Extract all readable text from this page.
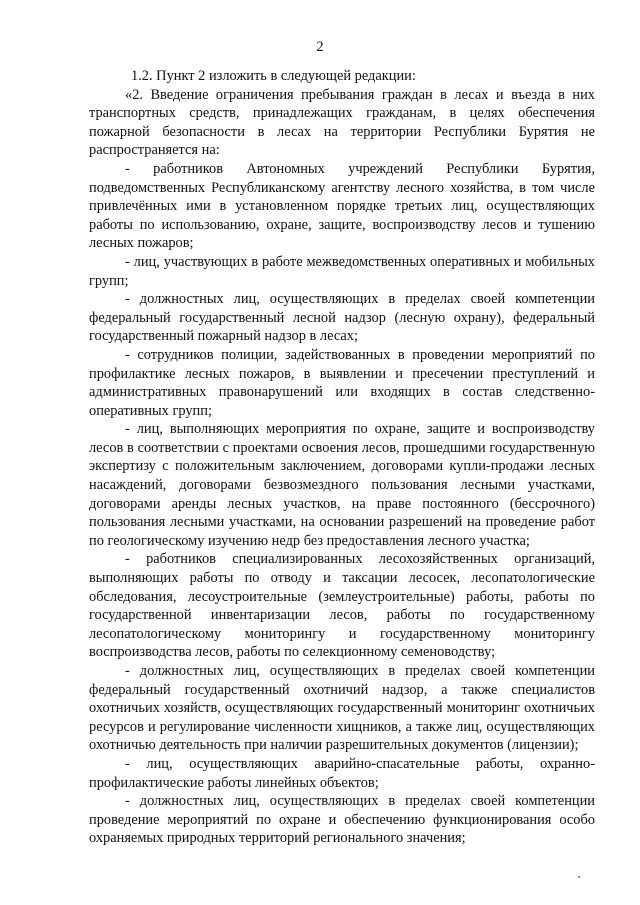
2

1.2. Пункт 2 изложить в следующей редакции:

«2. Введение ограничения пребывания граждан в лесах и въезда в них транспортных средств, принадлежащих гражданам, в целях обеспечения пожарной безопасности в лесах на территории Республики Бурятия не распространяется на:

- работников Автономных учреждений Республики Бурятия, подведомственных Республиканскому агентству лесного хозяйства, в том числе привлечённых ими в установленном порядке третьих лиц, осуществляющих работы по использованию, охране, защите, воспроизводству лесов и тушению лесных пожаров;

- лиц, участвующих в работе межведомственных оперативных и мобильных групп;

- должностных лиц, осуществляющих в пределах своей компетенции федеральный государственный лесной надзор (лесную охрану), федеральный государственный пожарный надзор в лесах;

- сотрудников полиции, задействованных в проведении мероприятий по профилактике лесных пожаров, в выявлении и пресечении преступлений и административных правонарушений или входящих в состав следственно-оперативных групп;

- лиц, выполняющих мероприятия по охране, защите и воспроизводству лесов в соответствии с проектами освоения лесов, прошедшими государственную экспертизу с положительным заключением, договорами купли-продажи лесных насаждений, договорами безвозмездного пользования лесными участками, договорами аренды лесных участков, на праве постоянного (бессрочного) пользования лесными участками, на основании разрешений на проведение работ по геологическому изучению недр без предоставления лесного участка;

- работников специализированных лесохозяйственных организаций, выполняющих работы по отводу и таксации лесосек, лесопатологические обследования, лесоустроительные (землеустроительные) работы, работы по государственной инвентаризации лесов, работы по государственному лесопатологическому мониторингу и государственному мониторингу воспроизводства лесов, работы по селекционному семеноводству;

- должностных лиц, осуществляющих в пределах своей компетенции федеральный государственный охотничий надзор, а также специалистов охотничьих хозяйств, осуществляющих государственный мониторинг охотничьих ресурсов и регулирование численности хищников, а также лиц, осуществляющих охотничью деятельность при наличии разрешительных документов (лицензии);

- лиц, осуществляющих аварийно-спасательные работы, охранно-профилактические работы линейных объектов;

- должностных лиц, осуществляющих в пределах своей компетенции проведение мероприятий по охране и обеспечению функционирования особо охраняемых природных территорий регионального значения;
